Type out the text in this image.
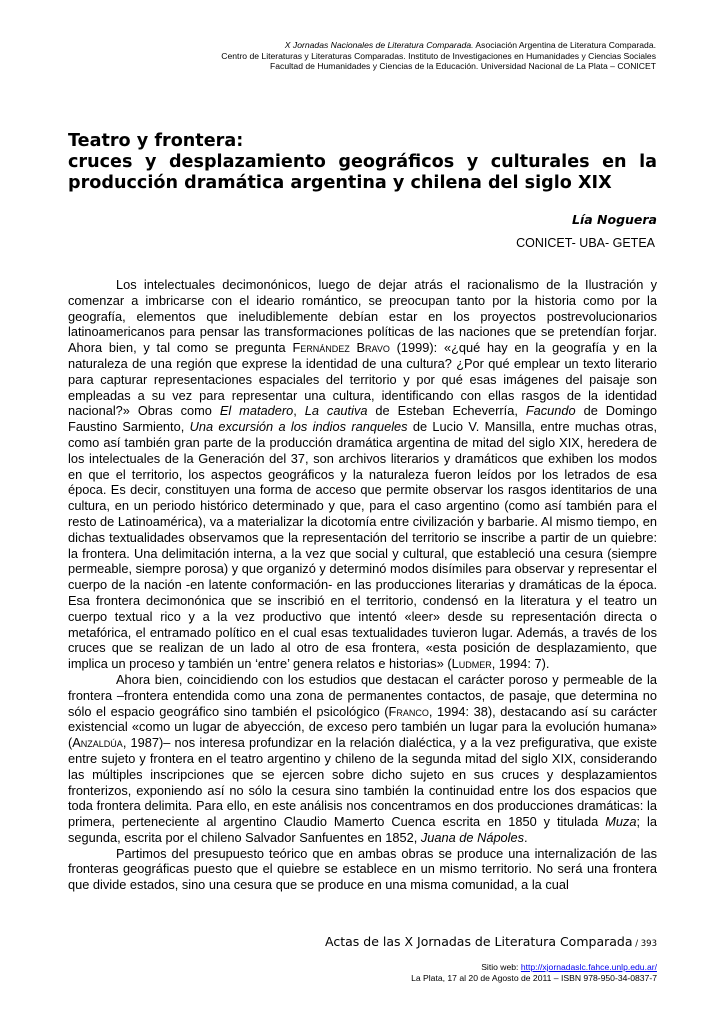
X Jornadas Nacionales de Literatura Comparada. Asociación Argentina de Literatura Comparada.
Centro de Literaturas y Literaturas Comparadas. Instituto de Investigaciones en Humanidades y Ciencias Sociales
Facultad de Humanidades y Ciencias de la Educación. Universidad Nacional de La Plata – CONICET
Teatro y frontera:
cruces y desplazamiento geográficos y culturales en la
producción dramática argentina y chilena del siglo XIX
Lía Noguera
CONICET- UBA- GETEA

Los intelectuales decimonónicos, luego de dejar atrás el racionalismo de la Ilustración y comenzar a imbricarse con el ideario romántico, se preocupan tanto por la historia como por la geografía, elementos que ineludiblemente debían estar en los proyectos postrevolucionarios latinoamericanos para pensar las transformaciones políticas de las naciones que se pretendían forjar. Ahora bien, y tal como se pregunta Fernández Bravo (1999): «¿qué hay en la geografía y en la naturaleza de una región que exprese la identidad de una cultura? ¿Por qué emplear un texto literario para capturar representaciones espaciales del territorio y por qué esas imágenes del paisaje son empleadas a su vez para representar una cultura, identificando con ellas rasgos de la identidad nacional?» Obras como El matadero, La cautiva de Esteban Echeverría, Facundo de Domingo Faustino Sarmiento, Una excursión a los indios ranqueles de Lucio V. Mansilla, entre muchas otras, como así también gran parte de la producción dramática argentina de mitad del siglo XIX, heredera de los intelectuales de la Generación del 37, son archivos literarios y dramáticos que exhiben los modos en que el territorio, los aspectos geográficos y la naturaleza fueron leídos por los letrados de esa época. Es decir, constituyen una forma de acceso que permite observar los rasgos identitarios de una cultura, en un periodo histórico determinado y que, para el caso argentino (como así también para el resto de Latinoamérica), va a materializar la dicotomía entre civilización y barbarie. Al mismo tiempo, en dichas textualidades observamos que la representación del territorio se inscribe a partir de un quiebre: la frontera. Una delimitación interna, a la vez que social y cultural, que estableció una cesura (siempre permeable, siempre porosa) y que organizó y determinó modos disímiles para observar y representar el cuerpo de la nación -en latente conformación- en las producciones literarias y dramáticas de la época. Esa frontera decimonónica que se inscribió en el territorio, condensó en la literatura y el teatro un cuerpo textual rico y a la vez productivo que intentó «leer» desde su representación directa o metafórica, el entramado político en el cual esas textualidades tuvieron lugar. Además, a través de los cruces que se realizan de un lado al otro de esa frontera, «esta posición de desplazamiento, que implica un proceso y también un ‘entre’ genera relatos e historias» (Ludmer, 1994: 7).

Ahora bien, coincidiendo con los estudios que destacan el carácter poroso y permeable de la frontera –frontera entendida como una zona de permanentes contactos, de pasaje, que determina no sólo el espacio geográfico sino también el psicológico (Franco, 1994: 38), destacando así su carácter existencial «como un lugar de abyección, de exceso pero también un lugar para la evolución humana» (Anzaldúa, 1987)– nos interesa profundizar en la relación dialéctica, y a la vez prefigurativa, que existe entre sujeto y frontera en el teatro argentino y chileno de la segunda mitad del siglo XIX, considerando las múltiples inscripciones que se ejercen sobre dicho sujeto en sus cruces y desplazamientos fronterizos, exponiendo así no sólo la cesura sino también la continuidad entre los dos espacios que toda frontera delimita. Para ello, en este análisis nos concentramos en dos producciones dramáticas: la primera, perteneciente al argentino Claudio Mamerto Cuenca escrita en 1850 y titulada Muza; la segunda, escrita por el chileno Salvador Sanfuentes en 1852, Juana de Nápoles.

Partimos del presupuesto teórico que en ambas obras se produce una internalización de las fronteras geográficas puesto que el quiebre se establece en un mismo territorio. No será una frontera que divide estados, sino una cesura que se produce en una misma comunidad, a la cual

Actas de las X Jornadas de Literatura Comparada / 393
Sitio web: http://xjornadaslc.fahce.unlp.edu.ar/
La Plata, 17 al 20 de Agosto de 2011 – ISBN 978-950-34-0837-7
